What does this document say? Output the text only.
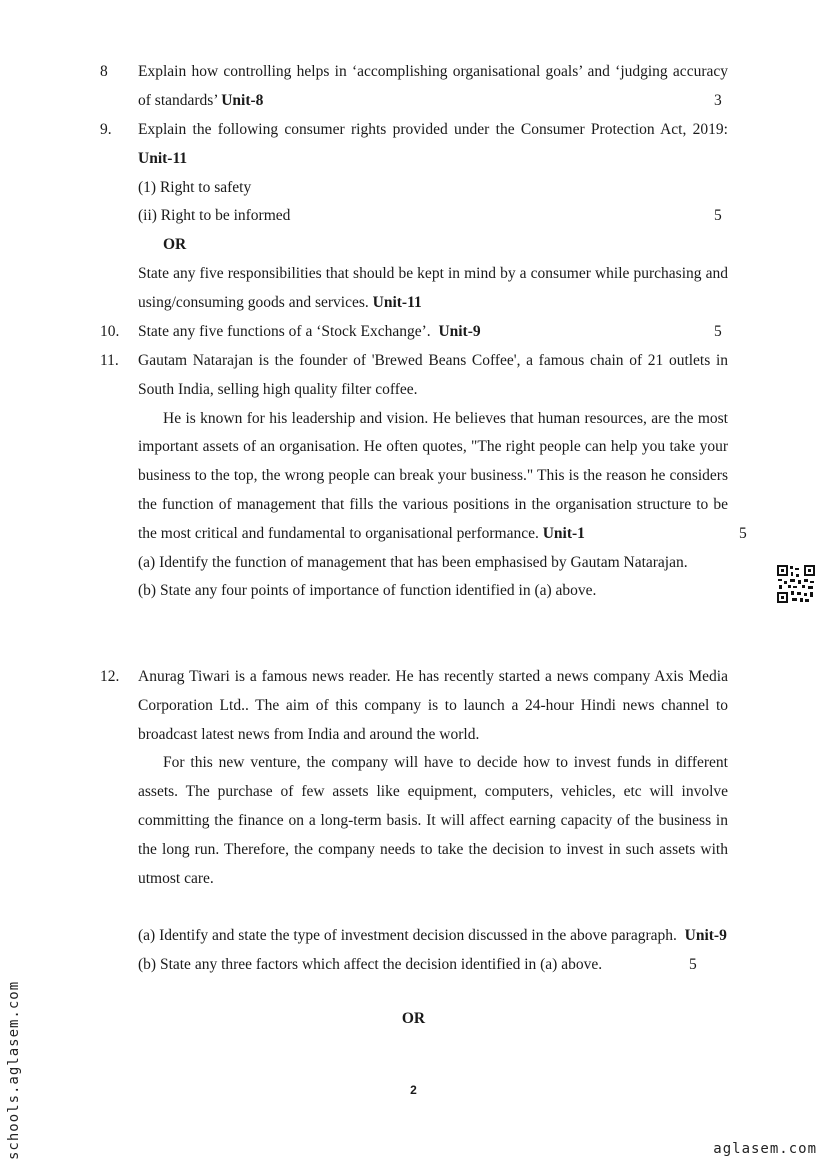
8 Explain how controlling helps in ‘accomplishing organisational goals’ and ‘judging accuracy of standards’ Unit-8	3
9. Explain the following consumer rights provided under the Consumer Protection Act, 2019: Unit-11
(1) Right to safety
(ii) Right to be informed	5
OR
State any five responsibilities that should be kept in mind by a consumer while purchasing and using/consuming goods and services. Unit-11
10. State any five functions of a ‘Stock Exchange’. Unit-9	5
11. Gautam Natarajan is the founder of 'Brewed Beans Coffee', a famous chain of 21 outlets in South India, selling high quality filter coffee.
He is known for his leadership and vision. He believes that human resources, are the most important assets of an organisation. He often quotes, "The right people can help you take your business to the top, the wrong people can break your business." This is the reason he considers the function of management that fills the various positions in the organisation structure to be the most critical and fundamental to organisational performance. Unit-1	5
(a) Identify the function of management that has been emphasised by Gautam Natarajan.
(b) State any four points of importance of function identified in (a) above.
12. Anurag Tiwari is a famous news reader. He has recently started a news company Axis Media Corporation Ltd.. The aim of this company is to launch a 24-hour Hindi news channel to broadcast latest news from India and around the world.
For this new venture, the company will have to decide how to invest funds in different assets. The purchase of few assets like equipment, computers, vehicles, etc will involve committing the finance on a long-term basis. It will affect earning capacity of the business in the long run. Therefore, the company needs to take the decision to invest in such assets with utmost care.
(a) Identify and state the type of investment decision discussed in the above paragraph. Unit-9
(b) State any three factors which affect the decision identified in (a) above.	5
OR
2
schools.aglasem.com	aglasem.com
